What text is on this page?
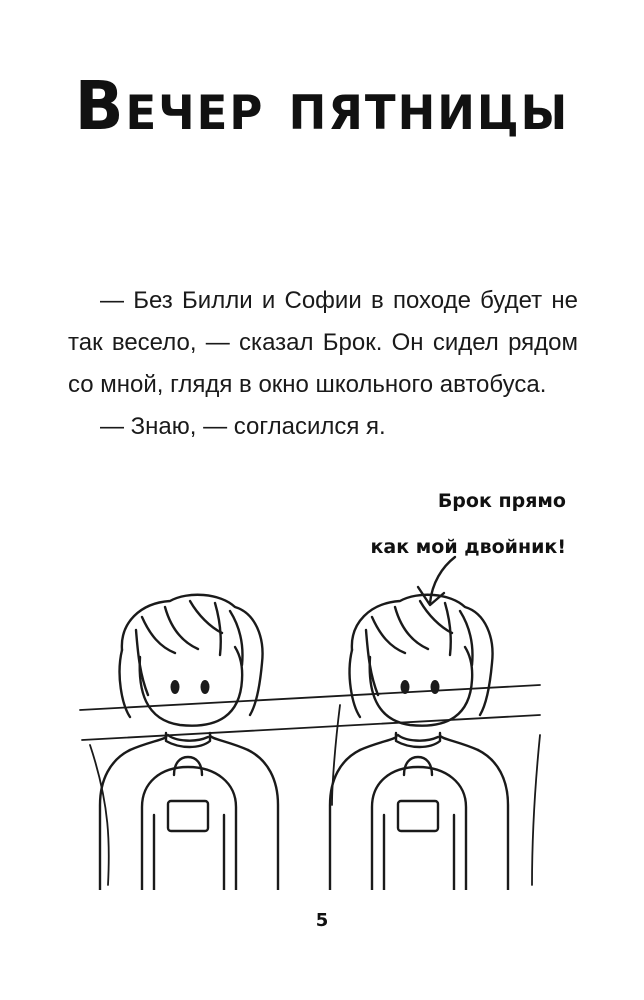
Вечер пятницы

— Без Билли и Софии в походе будет не так весело, — сказал Брок. Он сидел рядом со мной, глядя в окно школьного автобуса.

— Знаю, — согласился я.

Брок прямо
как мой двойник!
5
